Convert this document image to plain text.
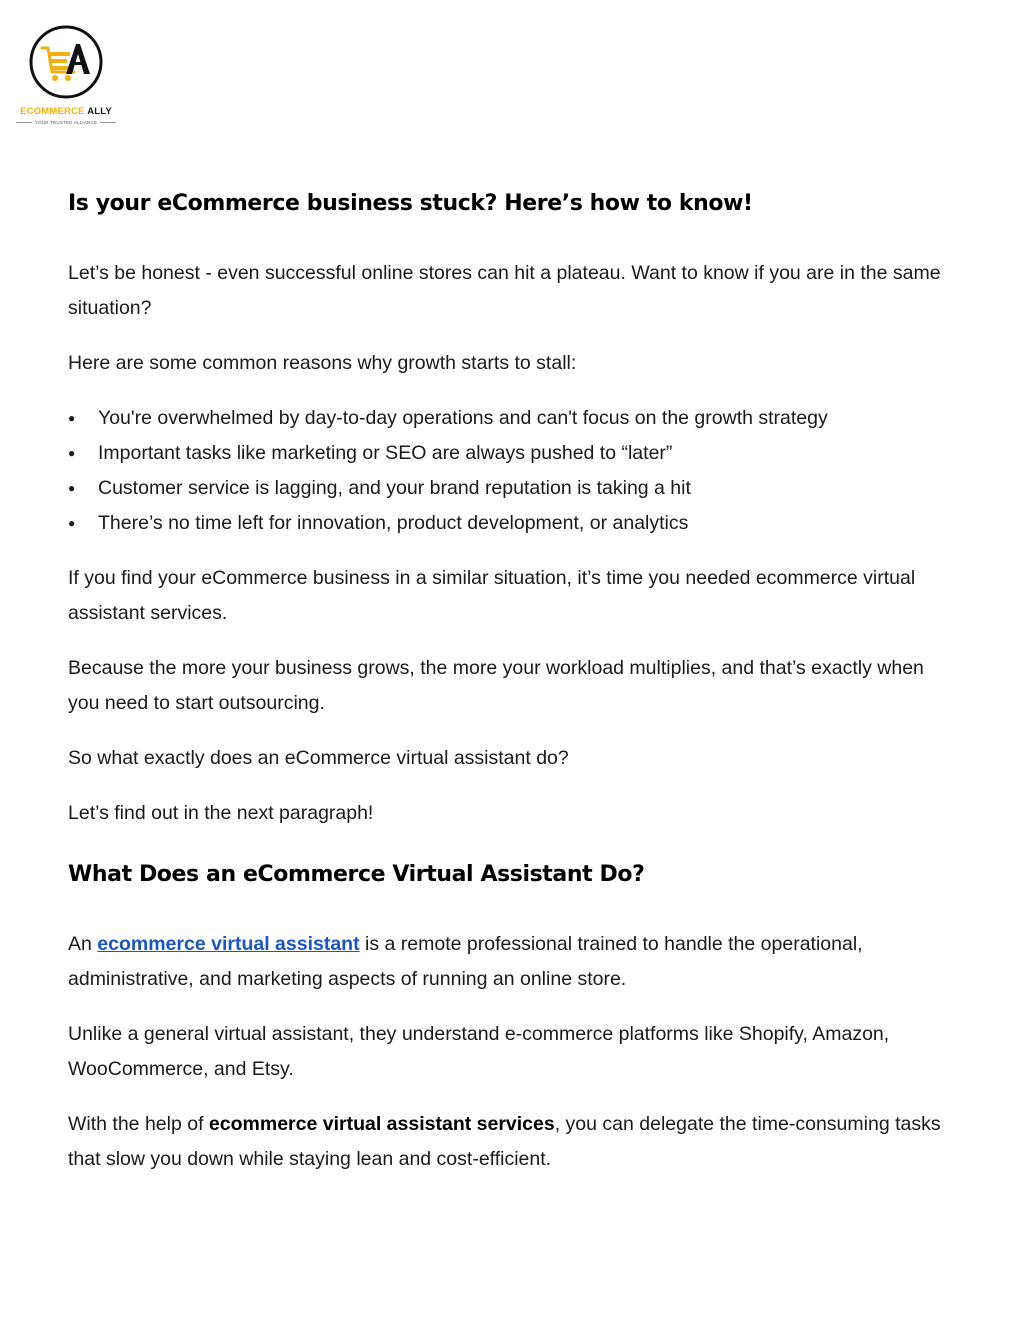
ECOMMERCE ALLY
YOUR TRUSTED ALLIANCE
Is your eCommerce business stuck? Here’s how to know!

Let’s be honest - even successful online stores can hit a plateau. Want to know if you are in the same situation?

Here are some common reasons why growth starts to stall:

● You're overwhelmed by day-to-day operations and can't focus on the growth strategy
● Important tasks like marketing or SEO are always pushed to “later”
● Customer service is lagging, and your brand reputation is taking a hit
● There’s no time left for innovation, product development, or analytics

If you find your eCommerce business in a similar situation, it’s time you needed ecommerce virtual assistant services.

Because the more your business grows, the more your workload multiplies, and that’s exactly when you need to start outsourcing.

So what exactly does an eCommerce virtual assistant do?

Let’s find out in the next paragraph!

What Does an eCommerce Virtual Assistant Do?

An ecommerce virtual assistant is a remote professional trained to handle the operational, administrative, and marketing aspects of running an online store.

Unlike a general virtual assistant, they understand e-commerce platforms like Shopify, Amazon, WooCommerce, and Etsy.

With the help of ecommerce virtual assistant services, you can delegate the time-consuming tasks that slow you down while staying lean and cost-efficient.
